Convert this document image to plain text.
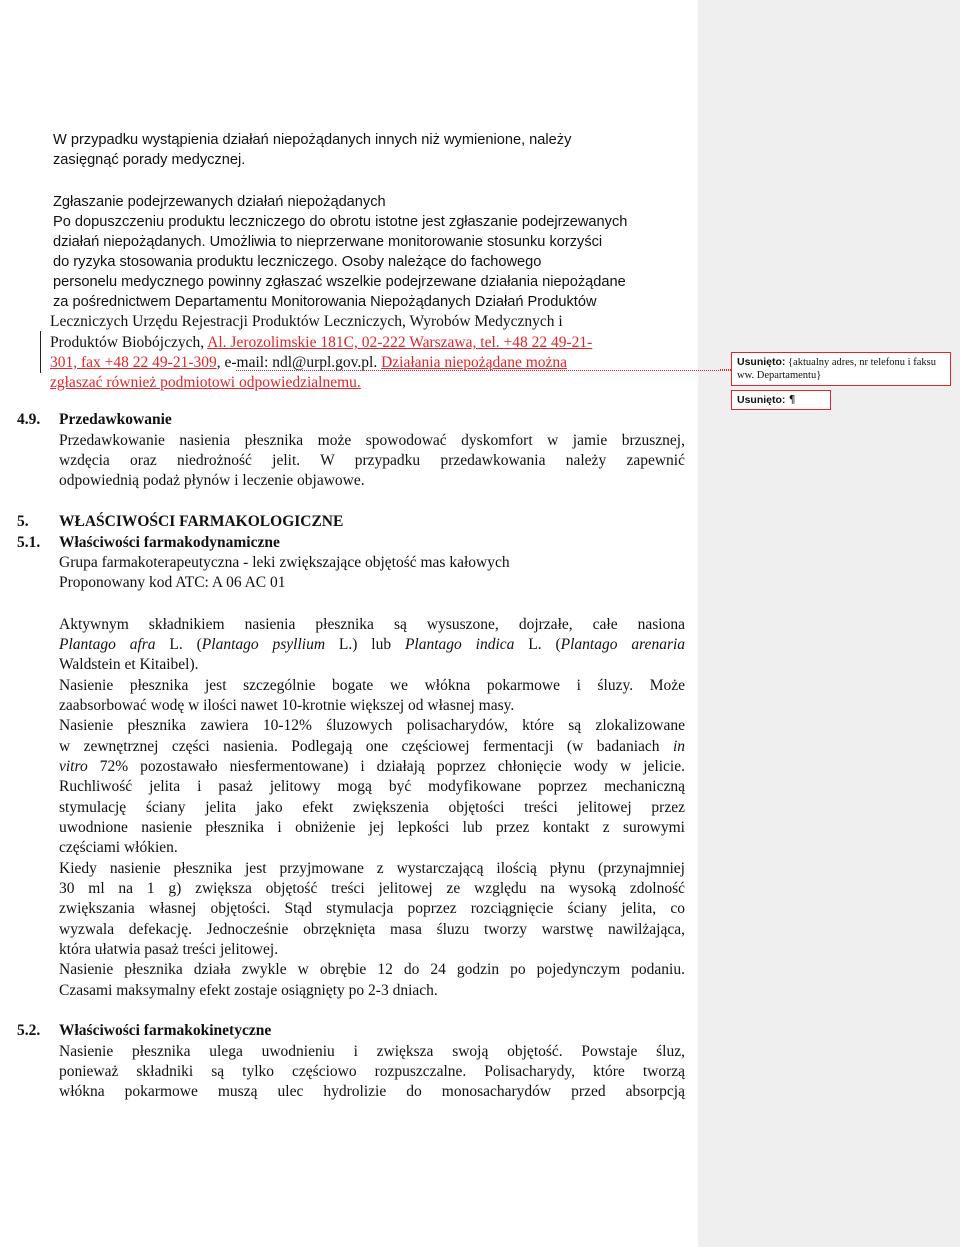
W przypadku wystąpienia działań niepożądanych innych niż wymienione, należy
zasięgnąć porady medycznej.
Zgłaszanie podejrzewanych działań niepożądanych
Po dopuszczeniu produktu leczniczego do obrotu istotne jest zgłaszanie podejrzewanych
działań niepożądanych. Umożliwia to nieprzerwane monitorowanie stosunku korzyści
do ryzyka stosowania produktu leczniczego. Osoby należące do fachowego
personelu medycznego powinny zgłaszać wszelkie podejrzewane działania niepożądane
za pośrednictwem Departamentu Monitorowania Niepożądanych Działań Produktów
Leczniczych Urzędu Rejestracji Produktów Leczniczych, Wyrobów Medycznych i
Produktów Biobójczych, Al. Jerozolimskie 181C, 02-222 Warszawa, tel. +48 22 49-21-
301, fax +48 22 49-21-309, e-mail: ndl@urpl.gov.pl. Działania niepożądane można
zgłaszać również podmiotowi odpowiedzialnemu.
Usunięto: {aktualny adres, nr telefonu i faksu ww. Departamentu}
Usunięto: ¶
4.9. Przedawkowanie
Przedawkowanie nasienia płesznika może spowodować dyskomfort w jamie brzusznej,
wzdęcia oraz niedrożność jelit. W przypadku przedawkowania należy zapewnić
odpowiednią podaż płynów i leczenie objawowe.
5. WŁAŚCIWOŚCI FARMAKOLOGICZNE
5.1. Właściwości farmakodynamiczne
Grupa farmakoterapeutyczna - leki zwiększające objętość mas kałowych
Proponowany kod ATC: A 06 AC 01
Aktywnym składnikiem nasienia płesznika są wysuszone, dojrzałe, całe nasiona
Plantago afra L. (Plantago psyllium L.) lub Plantago indica L. (Plantago arenaria
Waldstein et Kitaibel).
Nasienie płesznika jest szczególnie bogate we włókna pokarmowe i śluzy. Może
zaabsorbować wodę w ilości nawet 10-krotnie większej od własnej masy.
Nasienie płesznika zawiera 10-12% śluzowych polisacharydów, które są zlokalizowane
w zewnętrznej części nasienia. Podlegają one częściowej fermentacji (w badaniach in
vitro 72% pozostawało niesfermentowane) i działają poprzez chłonięcie wody w jelicie.
Ruchliwość jelita i pasaż jelitowy mogą być modyfikowane poprzez mechaniczną
stymulację ściany jelita jako efekt zwiększenia objętości treści jelitowej przez
uwodnione nasienie płesznika i obniżenie jej lepkości lub przez kontakt z surowymi
częściami włókien.
Kiedy nasienie płesznika jest przyjmowane z wystarczającą ilością płynu (przynajmniej
30 ml na 1 g) zwiększa objętość treści jelitowej ze względu na wysoką zdolność
zwiększania własnej objętości. Stąd stymulacja poprzez rozciągnięcie ściany jelita, co
wyzwala defekację. Jednocześnie obrzęknięta masa śluzu tworzy warstwę nawilżająca,
która ułatwia pasaż treści jelitowej.
Nasienie płesznika działa zwykle w obrębie 12 do 24 godzin po pojedynczym podaniu.
Czasami maksymalny efekt zostaje osiągnięty po 2-3 dniach.
5.2. Właściwości farmakokinetyczne
Nasienie płesznika ulega uwodnieniu i zwiększa swoją objętość. Powstaje śluz,
ponieważ składniki są tylko częściowo rozpuszczalne. Polisacharydy, które tworzą
włókna pokarmowe muszą ulec hydrolizie do monosacharydów przed absorpcją
